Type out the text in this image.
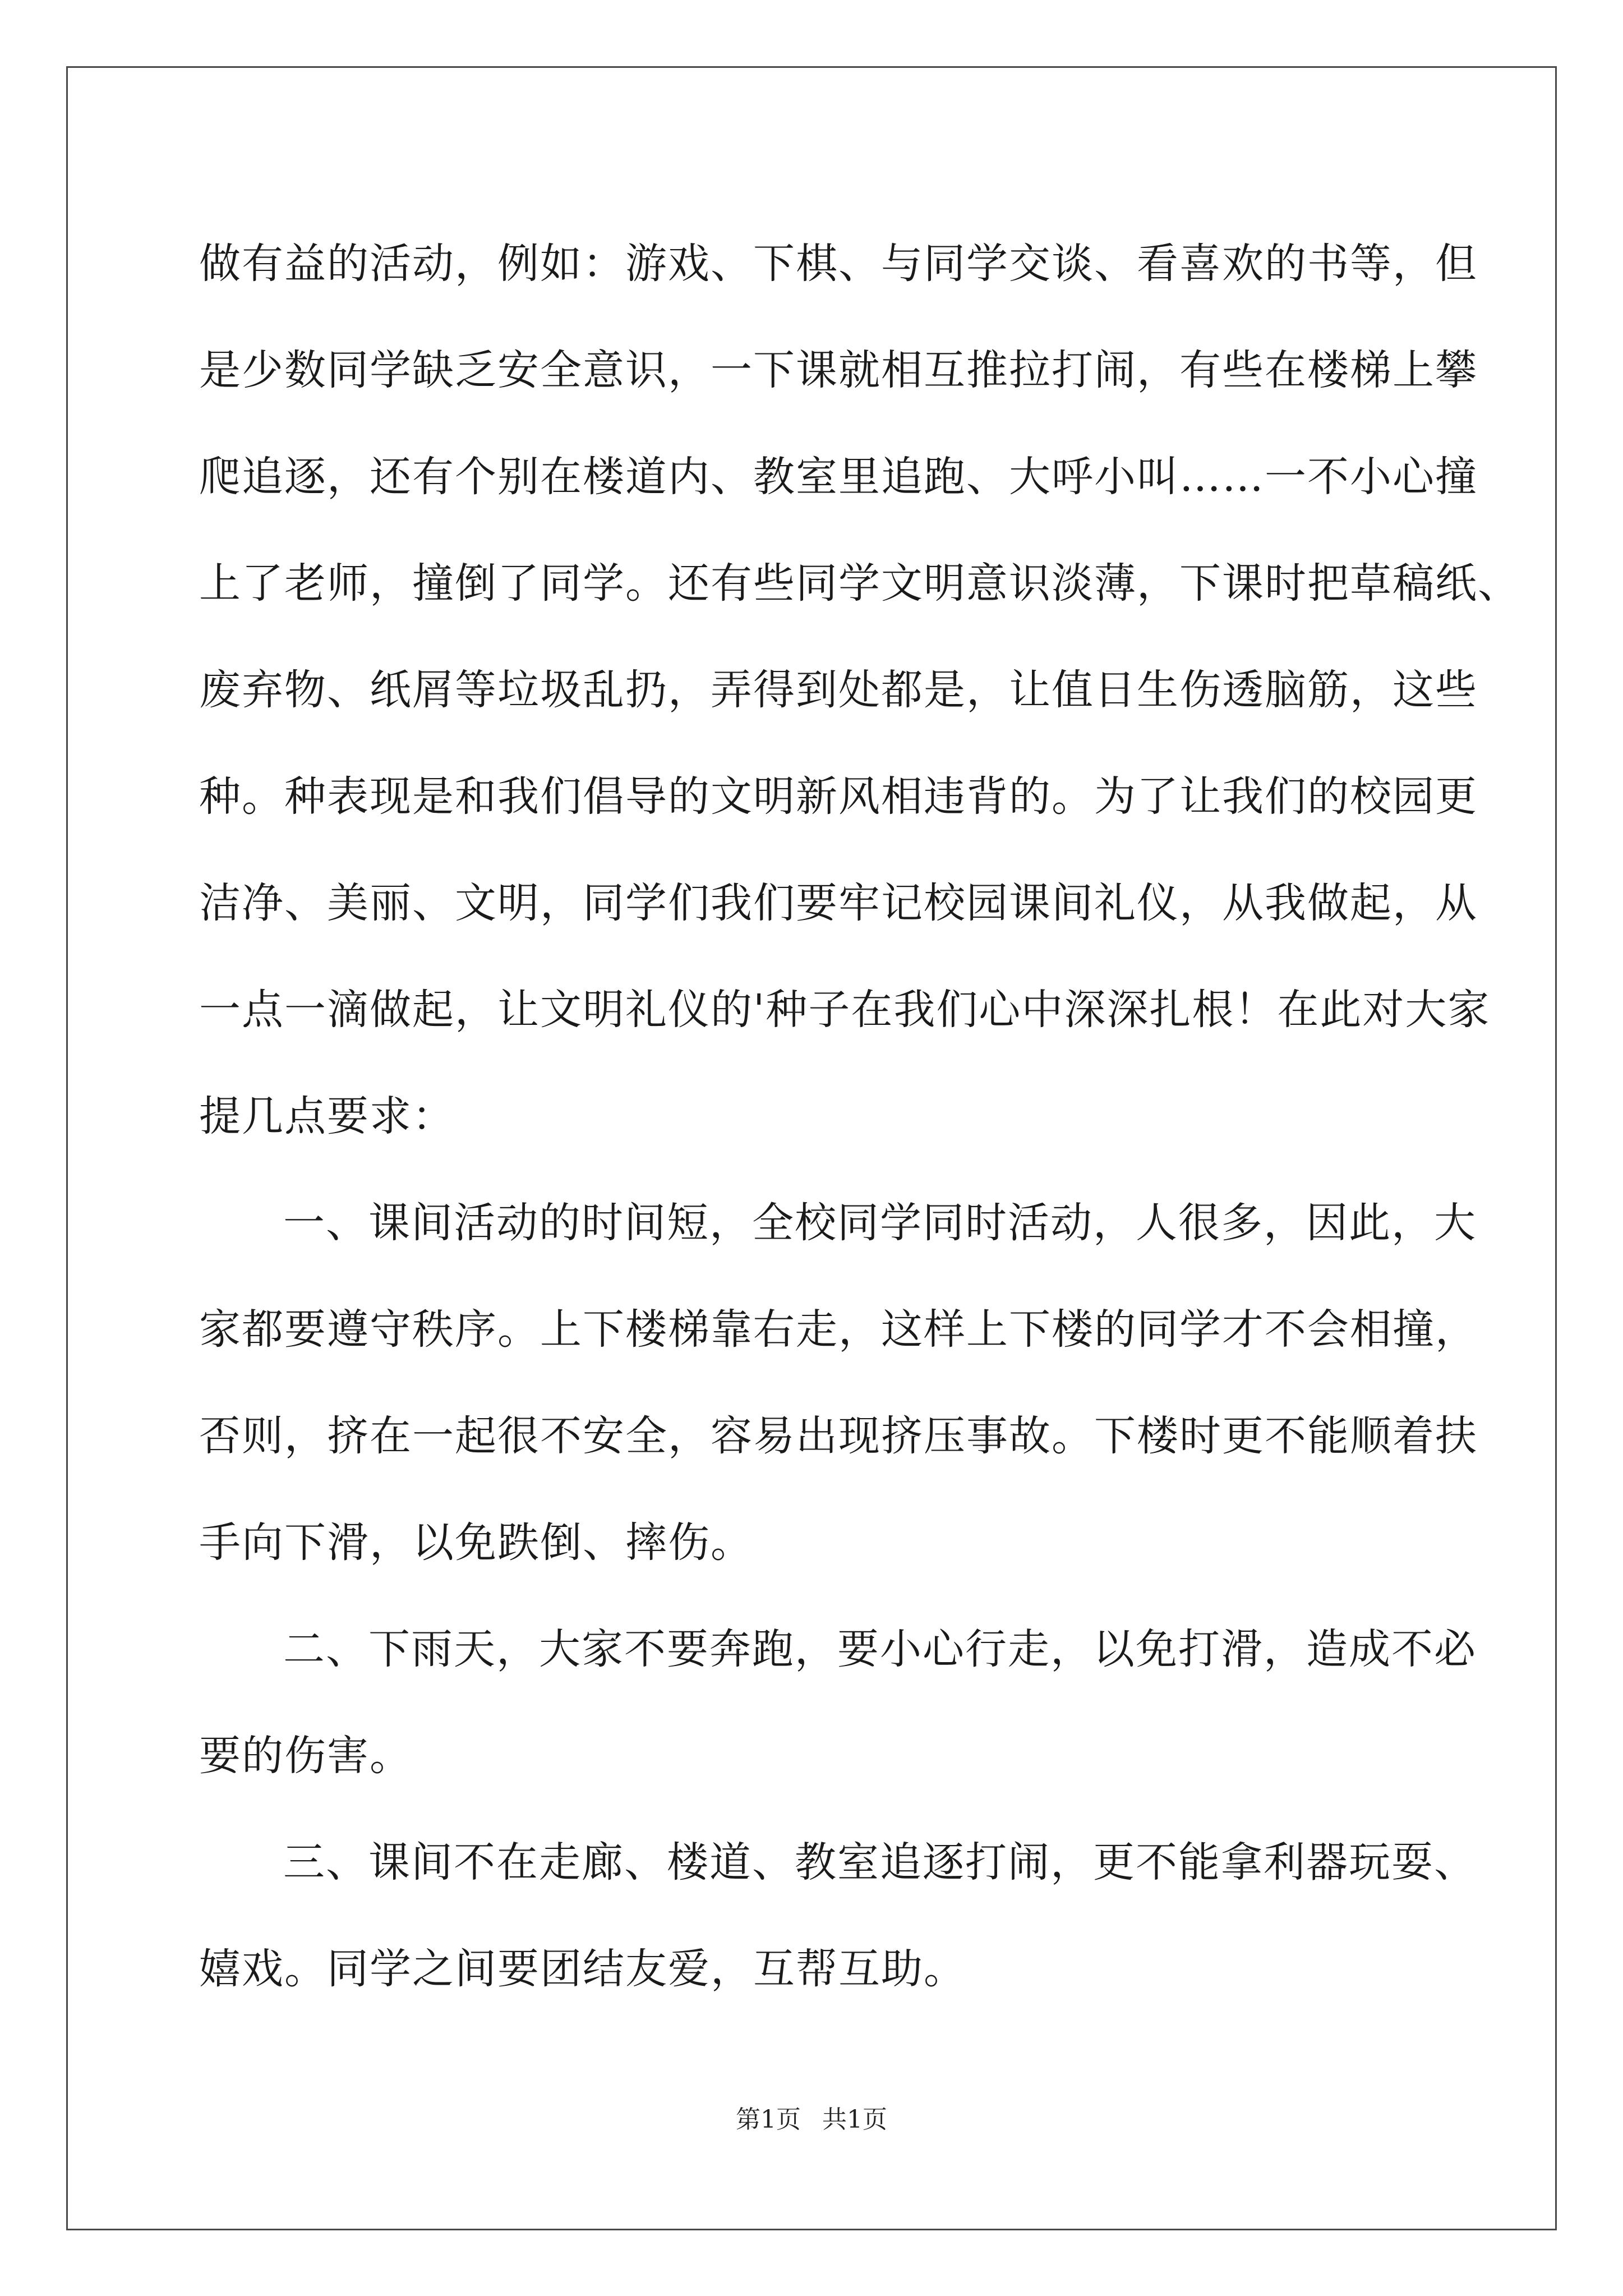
做有益的活动，例如：游戏、下棋、与同学交谈、看喜欢的书等，但
是少数同学缺乏安全意识，一下课就相互推拉打闹，有些在楼梯上攀
爬追逐，还有个别在楼道内、教室里追跑、大呼小叫……一不小心撞
上了老师，撞倒了同学。还有些同学文明意识淡薄，下课时把草稿纸、
废弃物、纸屑等垃圾乱扔，弄得到处都是，让值日生伤透脑筋，这些
种。种表现是和我们倡导的文明新风相违背的。为了让我们的校园更
洁净、美丽、文明，同学们我们要牢记校园课间礼仪，从我做起，从
一点一滴做起，让文明礼仪的'种子在我们心中深深扎根！在此对大家
提几点要求：
一、课间活动的时间短，全校同学同时活动，人很多，因此，大
家都要遵守秩序。上下楼梯靠右走，这样上下楼的同学才不会相撞，
否则，挤在一起很不安全，容易出现挤压事故。下楼时更不能顺着扶
手向下滑，以免跌倒、摔伤。
二、下雨天，大家不要奔跑，要小心行走，以免打滑，造成不必
要的伤害。
三、课间不在走廊、楼道、教室追逐打闹，更不能拿利器玩耍、
嬉戏。同学之间要团结友爱，互帮互助。
第1页 共1页
